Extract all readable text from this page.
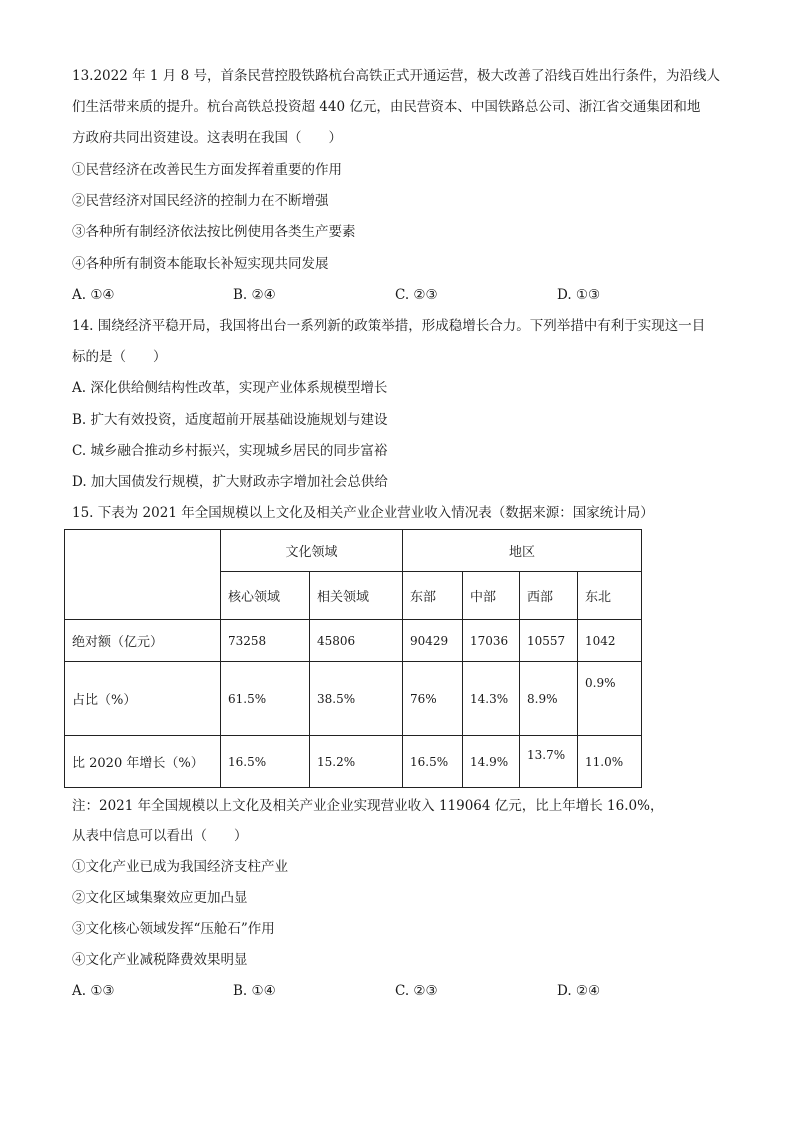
13.2022 年 1 月 8 号，首条民营控股铁路杭台高铁正式开通运营，极大改善了沿线百姓出行条件，为沿线人
们生活带来质的提升。杭台高铁总投资超 440 亿元，由民营资本、中国铁路总公司、浙江省交通集团和地
方政府共同出资建设。这表明在我国（　　）
①民营经济在改善民生方面发挥着重要的作用
②民营经济对国民经济的控制力在不断增强
③各种所有制经济依法按比例使用各类生产要素
④各种所有制资本能取长补短实现共同发展
A. ①④	B. ②④	C. ②③	D. ①③
14. 围绕经济平稳开局，我国将出台一系列新的政策举措，形成稳增长合力。下列举措中有利于实现这一目
标的是（　　）
A. 深化供给侧结构性改革，实现产业体系规模型增长
B. 扩大有效投资，适度超前开展基础设施规划与建设
C. 城乡融合推动乡村振兴，实现城乡居民的同步富裕
D. 加大国债发行规模，扩大财政赤字增加社会总供给
15. 下表为 2021 年全国规模以上文化及相关产业企业营业收入情况表（数据来源：国家统计局）
	文化领域		地区			
	核心领域	相关领域	东部	中部	西部	东北
绝对额（亿元）	73258	45806	90429	17036	10557	1042
占比（%）	61.5%	38.5%	76%	14.3%	8.9%	0.9%
比 2020 年增长（%）	16.5%	15.2%	16.5%	14.9%	13.7%	11.0%
注：2021 年全国规模以上文化及相关产业企业实现营业收入 119064 亿元，比上年增长 16.0%，
从表中信息可以看出（　　）
①文化产业已成为我国经济支柱产业
②文化区域集聚效应更加凸显
③文化核心领域发挥“压舱石”作用
④文化产业减税降费效果明显
A. ①③	B. ①④	C. ②③	D. ②④
